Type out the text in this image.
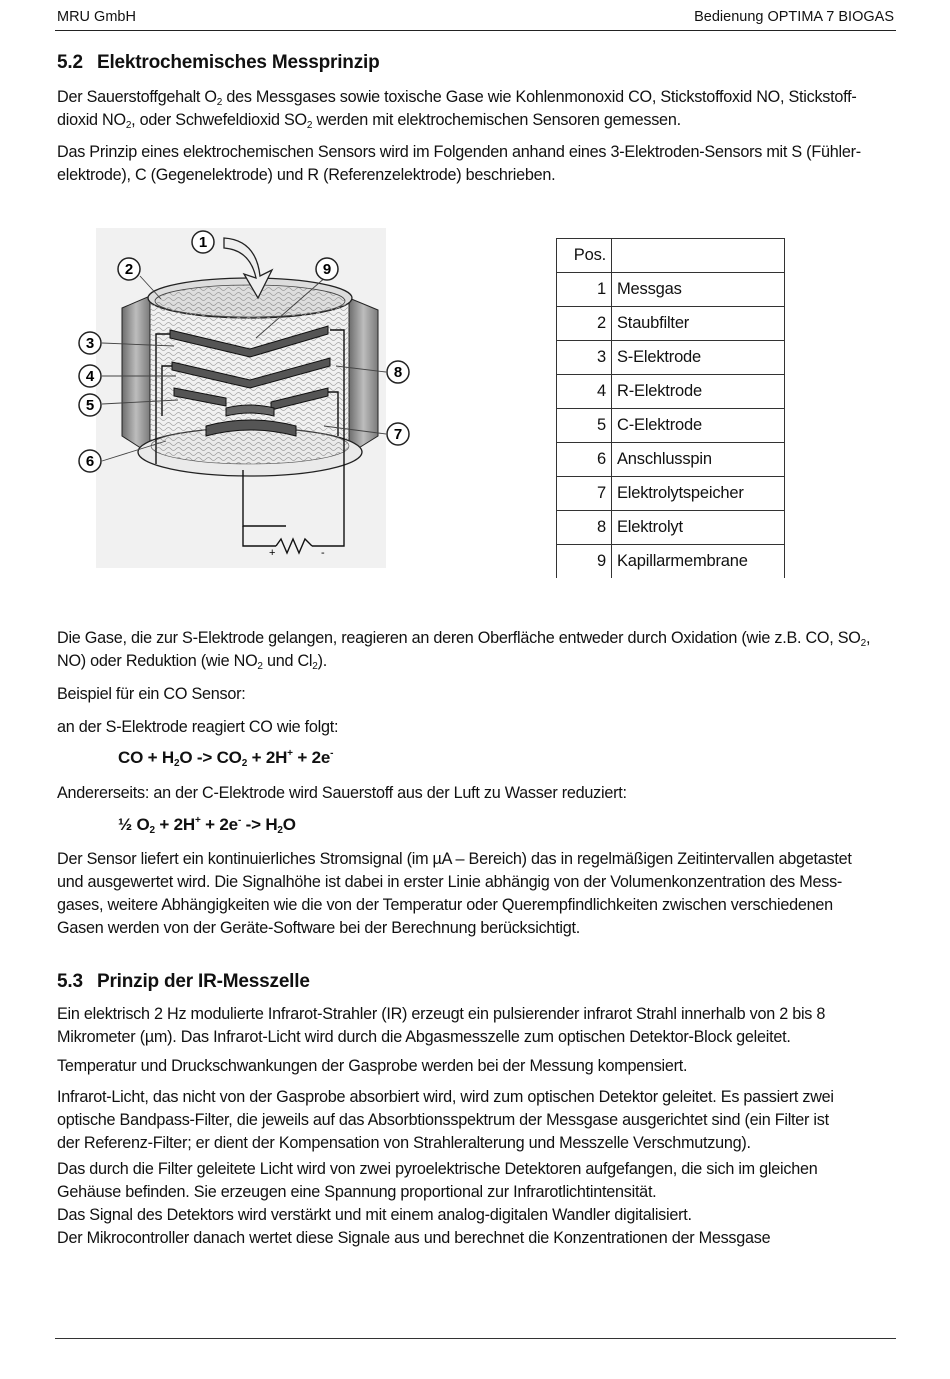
MRU GmbH	Bedienung OPTIMA 7 BIOGAS
5.2 Elektrochemisches Messprinzip
Der Sauerstoffgehalt $O_2$ des Messgases sowie toxische Gase wie Kohlenmonoxid CO, Stickstoffoxid NO, Stickstoff-
dioxid $NO_2$, oder Schwefeldioxid $SO_2$ werden mit elektrochemischen Sensoren gemessen.
Das Prinzip eines elektrochemischen Sensors wird im Folgenden anhand eines 3-Elektroden-Sensors mit S (Fühler-
elektrode), C (Gegenelektrode) und R (Referenzelektrode) beschrieben.
+	-
1
2
3
4
5
6
7
8
9
Pos.	
1	Messgas
2	Staubfilter
3	S-Elektrode
4	R-Elektrode
5	C-Elektrode
6	Anschlusspin
7	Elektrolytspeicher
8	Elektrolyt
9	Kapillarmembrane
Die Gase, die zur S-Elektrode gelangen, reagieren an deren Oberfläche entweder durch Oxidation (wie z.B. CO, $SO_2$,
NO) oder Reduktion (wie $NO_2$ und $Cl_2$).
Beispiel für ein CO Sensor:
an der S-Elektrode reagiert CO wie folgt:
CO + $H_2O -> CO_2 + 2H^+ + 2e^-$
Andererseits: an der C-Elektrode wird Sauerstoff aus der Luft zu Wasser reduziert:
½ $O_2 + 2H^+ + 2e^- -> H_2O$
Der Sensor liefert ein kontinuierliches Stromsignal (im µA – Bereich) das in regelmäßigen Zeitintervallen abgetastet
und ausgewertet wird. Die Signalhöhe ist dabei in erster Linie abhängig von der Volumenkonzentration des Mess-
gases, weitere Abhängigkeiten wie die von der Temperatur oder Querempfindlichkeiten zwischen verschiedenen
Gasen werden von der Geräte-Software bei der Berechnung berücksichtigt.
5.3 Prinzip der IR-Messzelle
Ein elektrisch 2 Hz modulierte Infrarot-Strahler (IR) erzeugt ein pulsierender infrarot Strahl innerhalb von 2 bis 8
Mikrometer (µm). Das Infrarot-Licht wird durch die Abgasmesszelle zum optischen Detektor-Block geleitet.
Temperatur und Druckschwankungen der Gasprobe werden bei der Messung kompensiert.
Infrarot-Licht, das nicht von der Gasprobe absorbiert wird, wird zum optischen Detektor geleitet. Es passiert zwei
optische Bandpass-Filter, die jeweils auf das Absorbtionsspektrum der Messgase ausgerichtet sind (ein Filter ist
der Referenz-Filter; er dient der Kompensation von Strahleralterung und Messzelle Verschmutzung).
Das durch die Filter geleitete Licht wird von zwei pyroelektrische Detektoren aufgefangen, die sich im gleichen
Gehäuse befinden. Sie erzeugen eine Spannung proportional zur Infrarotlichtintensität.
Das Signal des Detektors wird verstärkt und mit einem analog-digitalen Wandler digitalisiert.
Der Mikrocontroller danach wertet diese Signale aus und berechnet die Konzentrationen der Messgase
